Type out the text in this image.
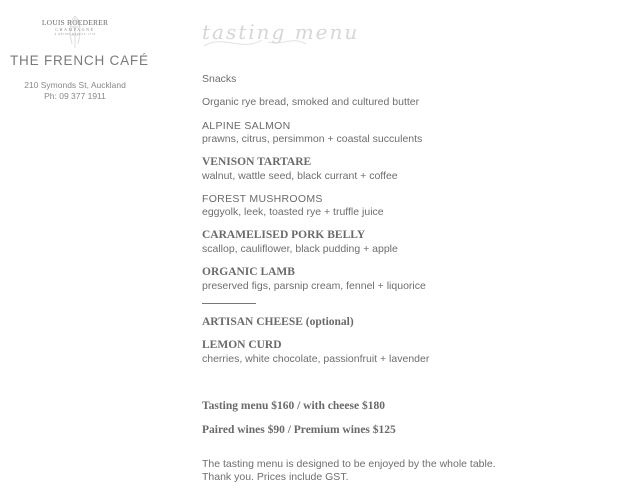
LOUIS ROEDERER
CHAMPAGNE
À REIMS DEPUIS 1776
THE FRENCH CAFÉ
210 Symonds St, Auckland
Ph: 09 377 1911
tasting menu
Snacks
Organic rye bread, smoked and cultured butter
ALPINE SALMON
prawns, citrus, persimmon + coastal succulents
VENISON TARTARE
walnut, wattle seed, black currant + coffee
FOREST MUSHROOMS
eggyolk, leek, toasted rye + truffle juice
CARAMELISED PORK BELLY
scallop, cauliflower, black pudding + apple
ORGANIC LAMB
preserved figs, parsnip cream, fennel + liquorice
ARTISAN CHEESE (optional)
LEMON CURD
cherries, white chocolate, passionfruit + lavender
Tasting menu $160 / with cheese $180
Paired wines $90 / Premium wines $125
The tasting menu is designed to be enjoyed by the whole table.
Thank you. Prices include GST.
